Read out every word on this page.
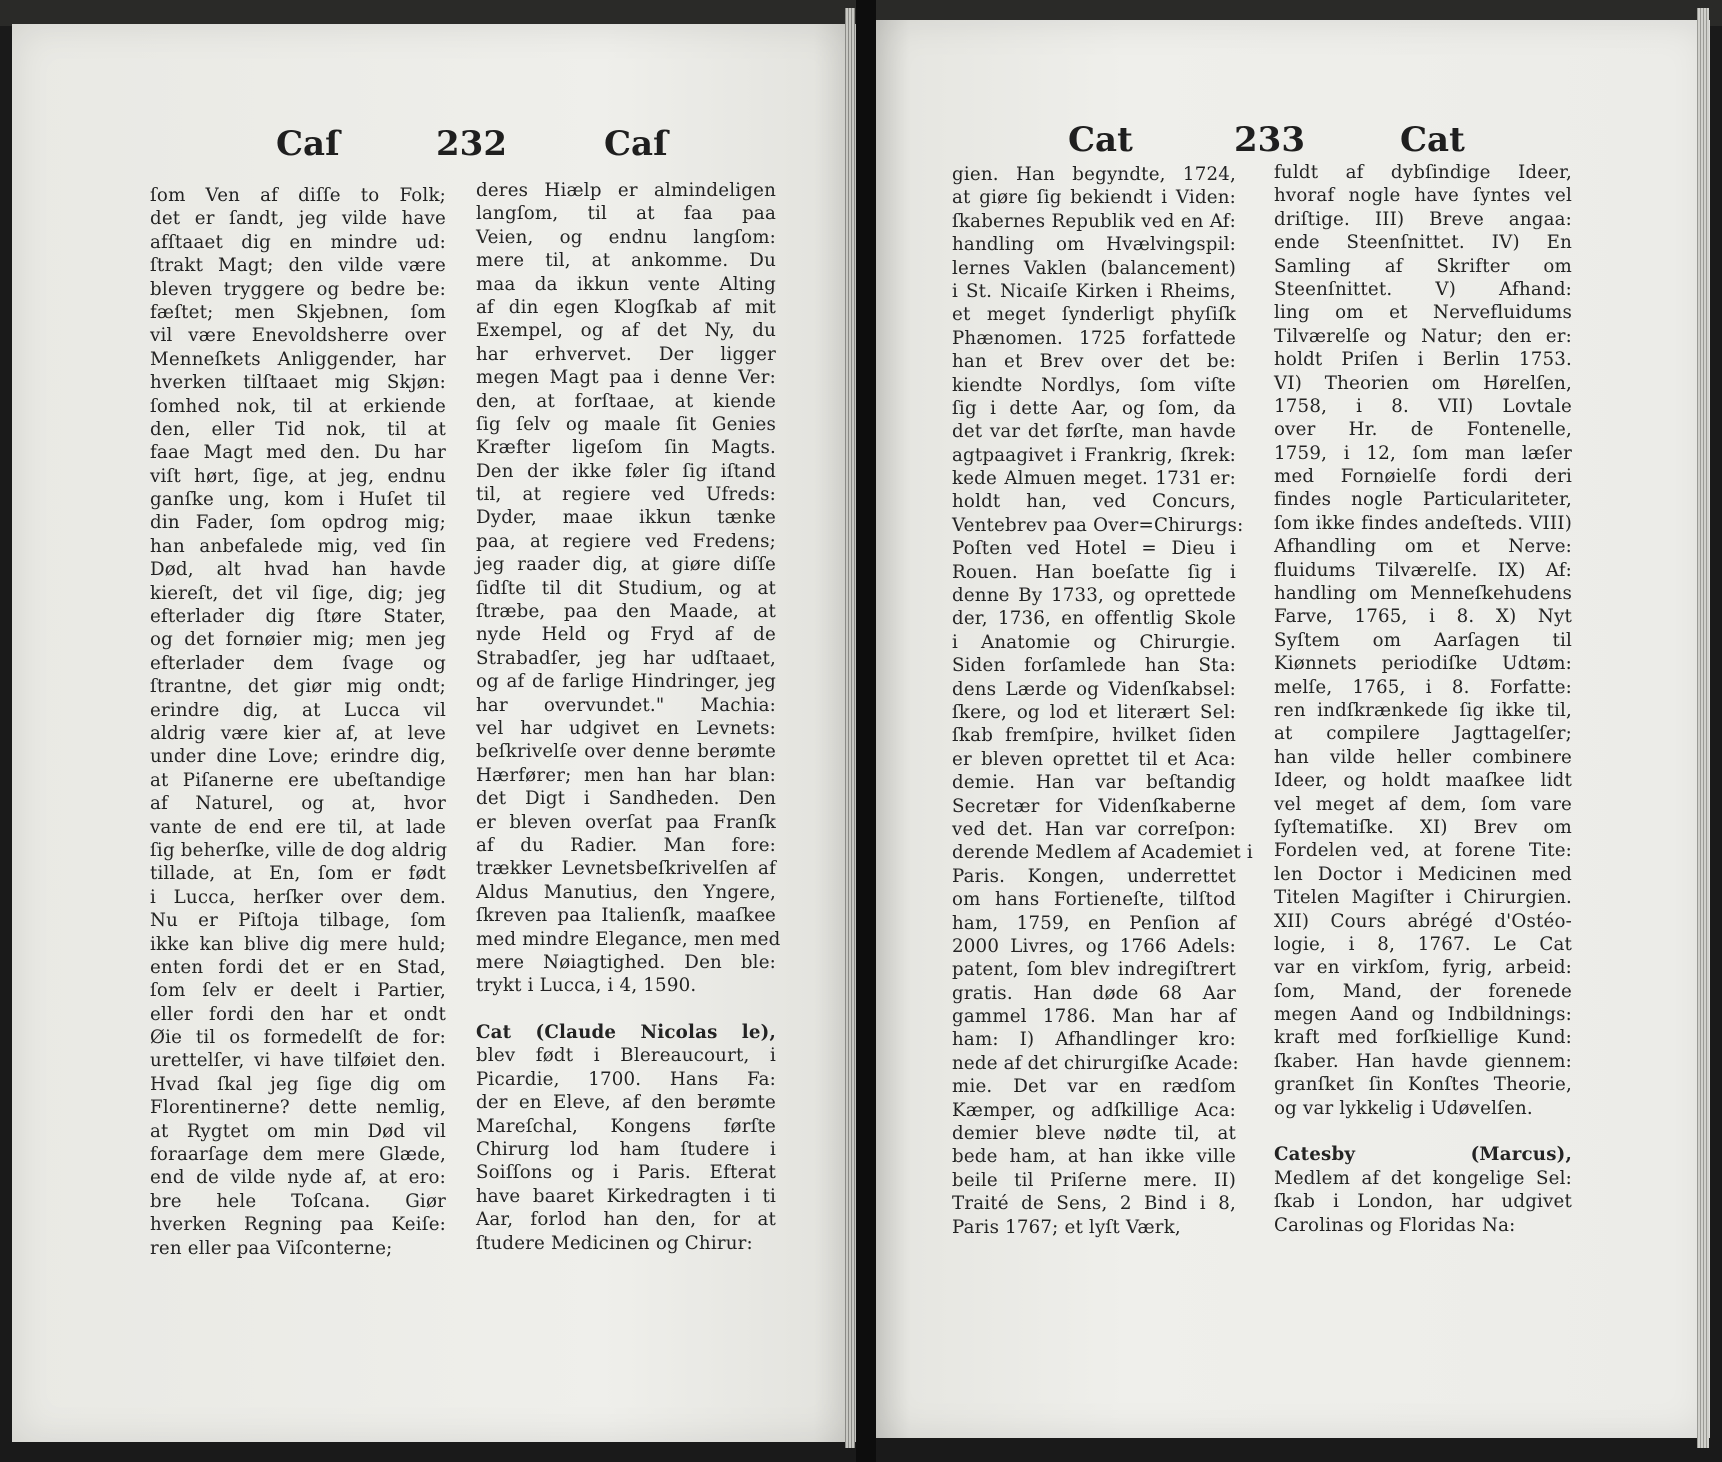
Caſ	232	Caſ
ſom Ven af diſſe to Folk;
det er ſandt, jeg vilde have
afſtaaet dig en mindre ud:
ſtrakt Magt; den vilde være
bleven tryggere og bedre be:
fæſtet; men Skjebnen, ſom
vil være Enevoldsherre over
Menneſkets Anliggender, har
hverken tilſtaaet mig Skjøn:
ſomhed nok, til at erkiende
den, eller Tid nok, til at
faae Magt med den. Du har
viſt hørt, ſige, at jeg, endnu
ganſke ung, kom i Huſet til
din Fader, ſom opdrog mig;
han anbefalede mig, ved ſin
Død, alt hvad han havde
kiereſt, det vil ſige, dig; jeg
efterlader dig ſtøre Stater,
og det fornøier mig; men jeg
efterlader dem ſvage og
ſtrantne, det giør mig ondt;
erindre dig, at Lucca vil
aldrig være kier af, at leve
under dine Love; erindre dig,
at Piſanerne ere ubeſtandige
af Naturel, og at, hvor
vante de end ere til, at lade
ſig beherſke, ville de dog aldrig
tillade, at En, ſom er født
i Lucca, herſker over dem.
Nu er Piſtoja tilbage, ſom
ikke kan blive dig mere huld;
enten fordi det er en Stad,
ſom ſelv er deelt i Partier,
eller fordi den har et ondt
Øie til os formedelſt de for:
urettelſer, vi have tilføiet den.
Hvad ſkal jeg ſige dig om
Florentinerne? dette nemlig,
at Rygtet om min Død vil
foraarſage dem mere Glæde,
end de vilde nyde af, at ero:
bre hele Toſcana. Giør
hverken Regning paa Keiſe:
ren eller paa Viſconterne;
deres Hiælp er almindeligen
langſom, til at faa paa
Veien, og endnu langſom:
mere til, at ankomme. Du
maa da ikkun vente Alting
af din egen Klogſkab af mit
Exempel, og af det Ny, du
har erhvervet. Der ligger
megen Magt paa i denne Ver:
den, at forſtaae, at kiende
ſig ſelv og maale ſit Genies
Kræfter ligeſom ſin Magts.
Den der ikke føler ſig iſtand
til, at regiere ved Ufreds:
Dyder, maae ikkun tænke
paa, at regiere ved Fredens;
jeg raader dig, at giøre diſſe
ſidſte til dit Studium, og at
ſtræbe, paa den Maade, at
nyde Held og Fryd af de
Strabadſer, jeg har udſtaaet,
og af de farlige Hindringer, jeg
har overvundet." Machia:
vel har udgivet en Levnets:
beſkrivelſe over denne berømte
Hærfører; men han har blan:
det Digt i Sandheden. Den
er bleven overſat paa Franſk
af du Radier. Man fore:
trækker Levnetsbeſkrivelſen af
Aldus Manutius, den Yngere,
ſkreven paa Italienſk, maaſkee
med mindre Elegance, men med
mere Nøiagtighed. Den ble:
trykt i Lucca, i 4, 1590.

Cat (Claude Nicolas le),
blev født i Blereaucourt, i
Picardie, 1700. Hans Fa:
der en Eleve, af den berømte
Mareſchal, Kongens førſte
Chirurg lod ham ſtudere i
Soiſſons og i Paris. Efterat
have baaret Kirkedragten i ti
Aar, forlod han den, for at
ſtudere Medicinen og Chirur:
Cat	233	Cat
gien. Han begyndte, 1724,
at giøre ſig bekiendt i Viden:
ſkabernes Republik ved en Af:
handling om Hvælvingspil:
lernes Vaklen (balancement)
i St. Nicaiſe Kirken i Rheims,
et meget ſynderligt phyſiſk
Phænomen. 1725 forfattede
han et Brev over det be:
kiendte Nordlys, ſom viſte
ſig i dette Aar, og ſom, da
det var det førſte, man havde
agtpaagivet i Frankrig, ſkrek:
kede Almuen meget. 1731 er:
holdt han, ved Concurs,
Ventebrev paa Over=Chirurgs:
Poſten ved Hotel = Dieu i
Rouen. Han boeſatte ſig i
denne By 1733, og oprettede
der, 1736, en offentlig Skole
i Anatomie og Chirurgie.
Siden forſamlede han Sta:
dens Lærde og Videnſkabsel:
ſkere, og lod et literært Sel:
ſkab fremſpire, hvilket ſiden
er bleven oprettet til et Aca:
demie. Han var beſtandig
Secretær for Videnſkaberne
ved det. Han var correſpon:
derende Medlem af Academiet i
Paris. Kongen, underrettet
om hans Fortieneſte, tilſtod
ham, 1759, en Penſion af
2000 Livres, og 1766 Adels:
patent, ſom blev indregiſtrert
gratis. Han døde 68 Aar
gammel 1786. Man har af
ham: I) Afhandlinger kro:
nede af det chirurgiſke Acade:
mie. Det var en rædſom
Kæmper, og adſkillige Aca:
demier bleve nødte til, at
bede ham, at han ikke ville
beile til Priſerne mere. II)
Traité de Sens, 2 Bind i 8,
Paris 1767; et lyſt Værk,
fuldt af dybſindige Ideer,
hvoraf nogle have ſyntes vel
driſtige. III) Breve angaa:
ende Steenſnittet. IV) En
Samling af Skrifter om
Steenſnittet. V) Afhand:
ling om et Nervefluidums
Tilværelſe og Natur; den er:
holdt Priſen i Berlin 1753.
VI) Theorien om Hørelſen,
1758, i 8. VII) Lovtale
over Hr. de Fontenelle,
1759, i 12, ſom man læſer
med Fornøielſe fordi deri
findes nogle Particulariteter,
ſom ikke findes andeſteds. VIII)
Afhandling om et Nerve:
fluidums Tilværelſe. IX) Af:
handling om Menneſkehudens
Farve, 1765, i 8. X) Nyt
Syſtem om Aarſagen til
Kiønnets periodiſke Udtøm:
melſe, 1765, i 8. Forfatte:
ren indſkrænkede ſig ikke til,
at compilere Jagttagelſer;
han vilde heller combinere
Ideer, og holdt maaſkee lidt
vel meget af dem, ſom vare
ſyſtematiſke. XI) Brev om
Fordelen ved, at forene Tite:
len Doctor i Medicinen med
Titelen Magiſter i Chirurgien.
XII) Cours abrégé d'Ostéo-
logie, i 8, 1767. Le Cat
var en virkſom, fyrig, arbeid:
ſom, Mand, der forenede
megen Aand og Indbildnings:
kraft med forſkiellige Kund:
ſkaber. Han havde giennem:
granſket ſin Konſtes Theorie,
og var lykkelig i Udøvelſen.

Catesby (Marcus),
Medlem af det kongelige Sel:
ſkab i London, har udgivet
Carolinas og Floridas Na:
